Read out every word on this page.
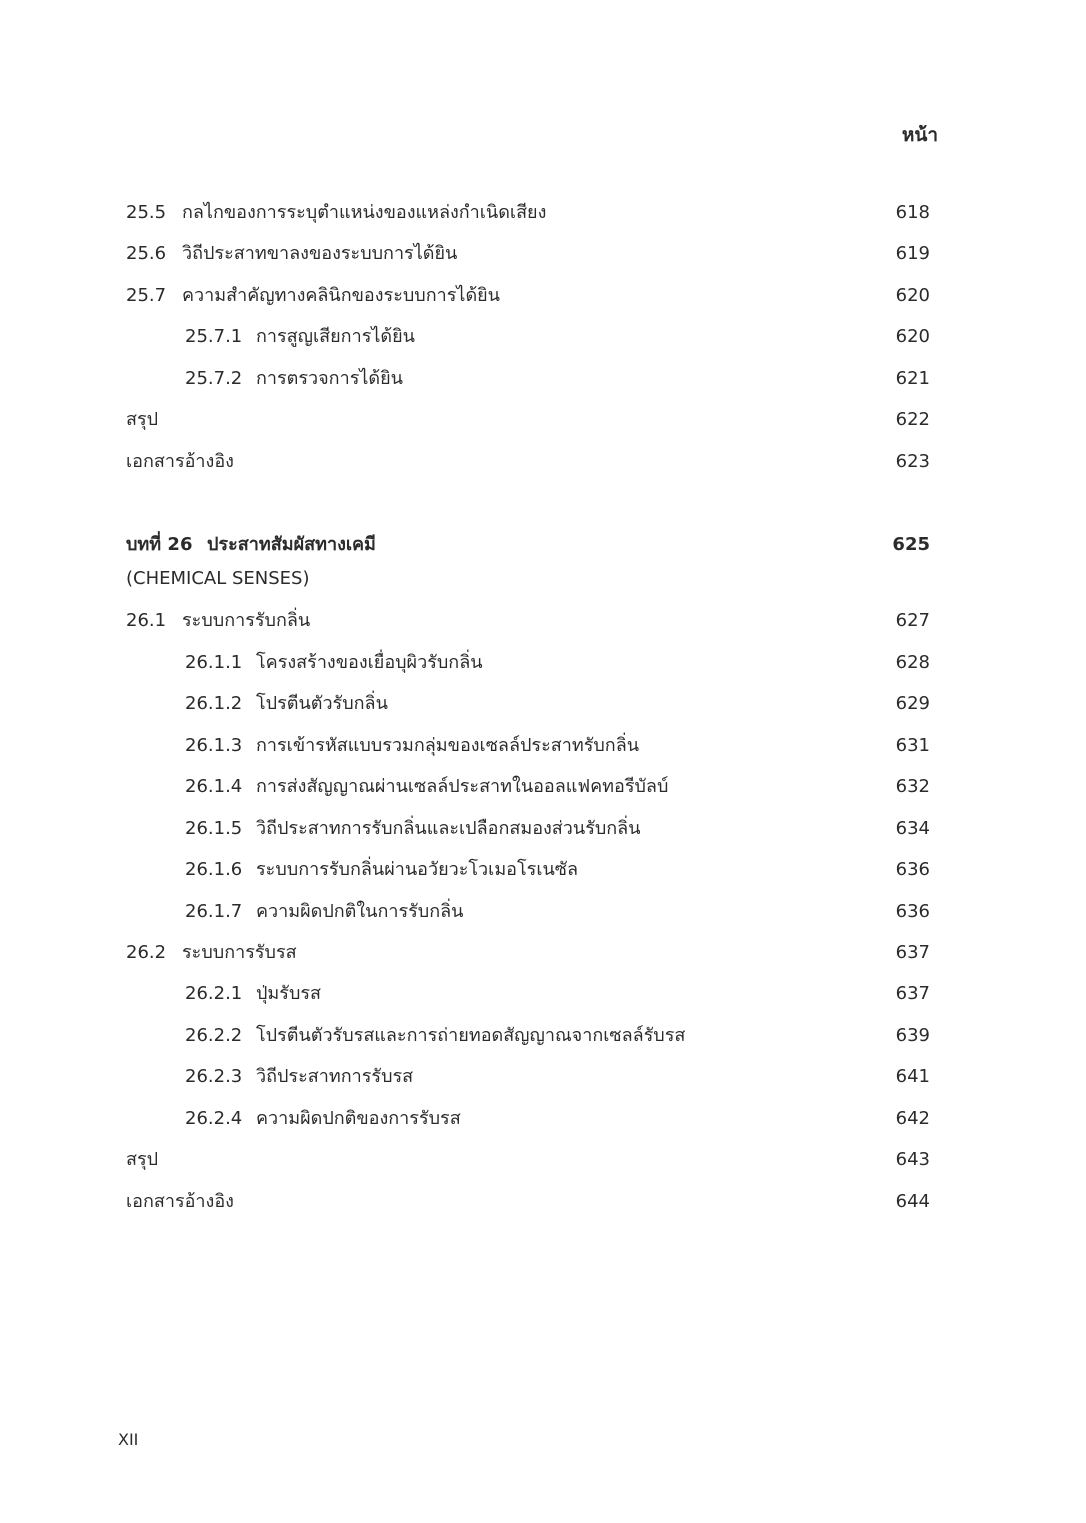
หน้า
25.5 กลไกของการระบุตำแหน่งของแหล่งกำเนิดเสียง	618
25.6 วิถีประสาทขาลงของระบบการได้ยิน	619
25.7 ความสำคัญทางคลินิกของระบบการได้ยิน	620
25.7.1 การสูญเสียการได้ยิน	620
25.7.2 การตรวจการได้ยิน	621
สรุป	622
เอกสารอ้างอิง	623
บทที่ 26 ประสาทสัมผัสทางเคมี	625
(CHEMICAL SENSES)
26.1 ระบบการรับกลิ่น	627
26.1.1 โครงสร้างของเยื่อบุผิวรับกลิ่น	628
26.1.2 โปรตีนตัวรับกลิ่น	629
26.1.3 การเข้ารหัสแบบรวมกลุ่มของเซลล์ประสาทรับกลิ่น	631
26.1.4 การส่งสัญญาณผ่านเซลล์ประสาทในออลแฟคทอรีบัลบ์	632
26.1.5 วิถีประสาทการรับกลิ่นและเปลือกสมองส่วนรับกลิ่น	634
26.1.6 ระบบการรับกลิ่นผ่านอวัยวะโวเมอโรเนซัล	636
26.1.7 ความผิดปกติในการรับกลิ่น	636
26.2 ระบบการรับรส	637
26.2.1 ปุ่มรับรส	637
26.2.2 โปรตีนตัวรับรสและการถ่ายทอดสัญญาณจากเซลล์รับรส	639
26.2.3 วิถีประสาทการรับรส	641
26.2.4 ความผิดปกติของการรับรส	642
สรุป	643
เอกสารอ้างอิง	644
XII
